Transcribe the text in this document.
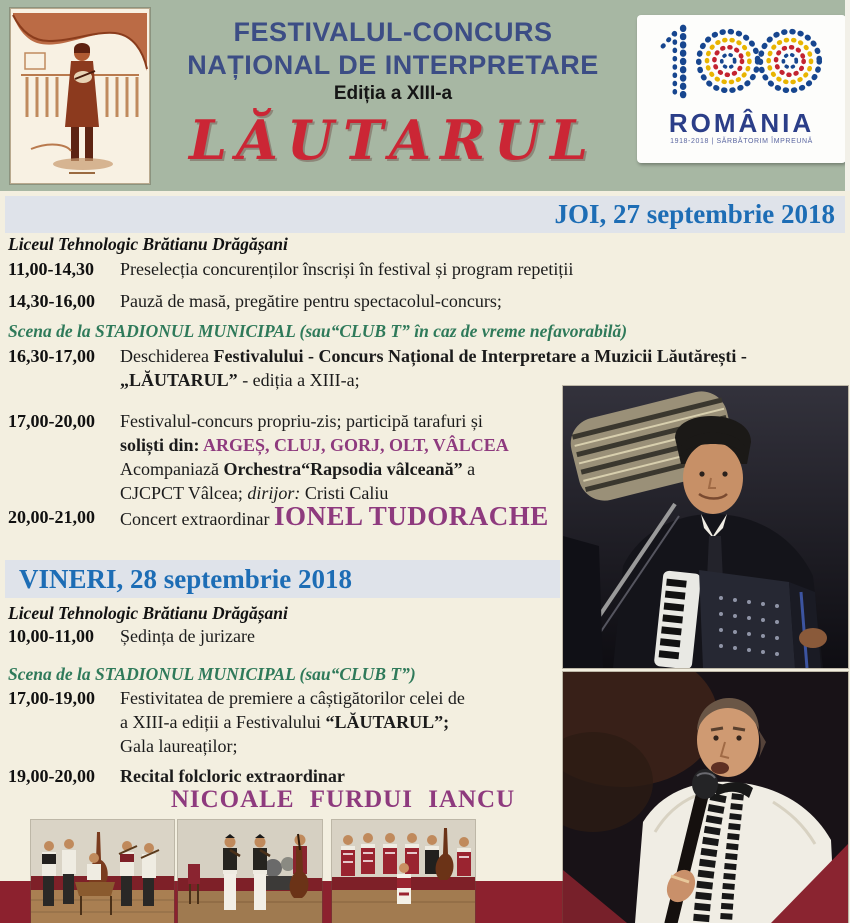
FESTIVALUL-CONCURS
NAȚIONAL DE INTERPRETARE
Ediția a XIII-a
LĂUTARUL	ROMÂNIA
1918-2018 | SĂRBĂTORIM ÎMPREUNĂ
JOI, 27 septembrie 2018
Liceul Tehnologic Brătianu Drăgășani
11,00-14,30	Preselecția concurenților înscriși în festival și program repetiții
14,30-16,00	Pauză de masă, pregătire pentru spectacolul-concurs;
Scena de la STADIONUL MUNICIPAL (sau“CLUB T” în caz de vreme nefavorabilă)
16,30-17,00	Deschiderea Festivalului - Concurs Național de Interpretare a Muzicii Lăutărești -
„LĂUTARUL” - ediția a XIII-a;
17,00-20,00	Festivalul-concurs propriu-zis; participă tarafuri și
soliști din: ARGEȘ, CLUJ, GORJ, OLT, VÂLCEA
Acompaniază Orchestra“Rapsodia vâlceană” a
CJCPCT Vâlcea; dirijor: Cristi Caliu
20,00-21,00	Concert extraordinar IONEL TUDORACHE
VINERI, 28 septembrie 2018
Liceul Tehnologic Brătianu Drăgășani
10,00-11,00	Ședința de jurizare
Scena de la STADIONUL MUNICIPAL (sau“CLUB T”)
17,00-19,00	Festivitatea de premiere a câștigătorilor celei de
a XIII-a ediții a Festivalului “LĂUTARUL”;
Gala laureaților;
19,00-20,00	Recital folcloric extraordinar
NICOALE FURDUI IANCU
